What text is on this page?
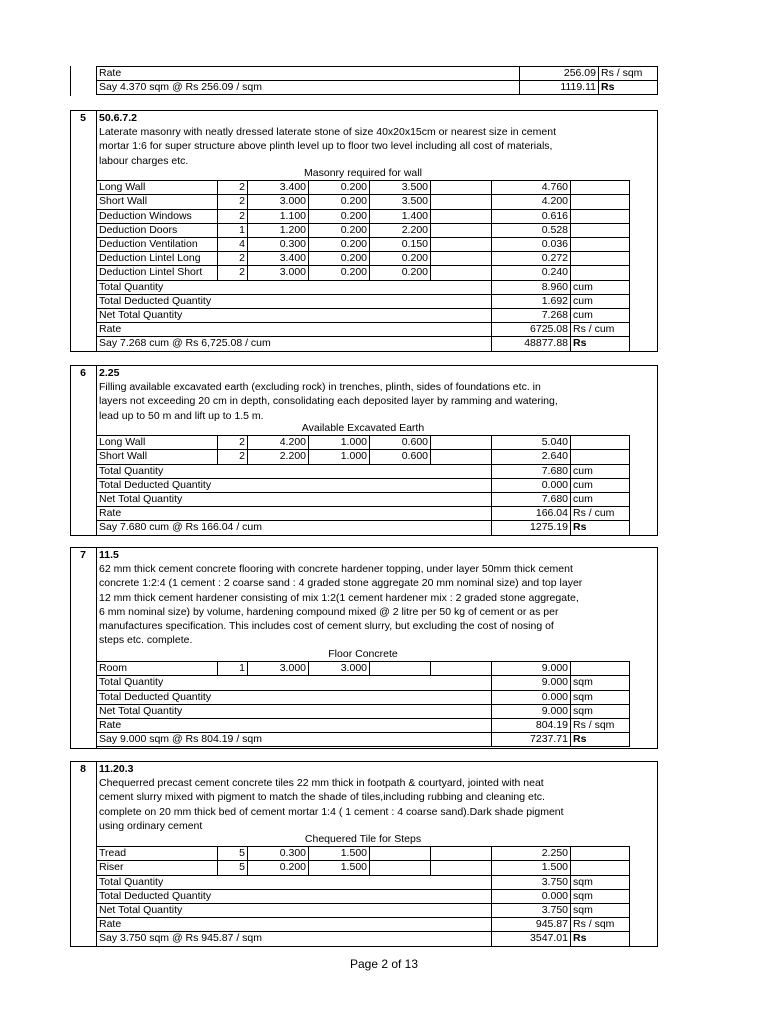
Rate	256.09	Rs / sqm
Say 4.370 sqm @ Rs 256.09 / sqm	1119.11	Rs
5	50.6.7.2
Laterate masonry with neatly dressed laterate stone of size 40x20x15cm or nearest size in cement
mortar 1:6 for super structure above plinth level up to floor two level including all cost of materials,
labour charges etc.
Masonry required for wall							
Long Wall	2	3.400	0.200	3.500		4.760	
Short Wall	2	3.000	0.200	3.500		4.200	
Deduction Windows	2	1.100	0.200	1.400		0.616	
Deduction Doors	1	1.200	0.200	2.200		0.528	
Deduction Ventilation	4	0.300	0.200	0.150		0.036	
Deduction Lintel Long	2	3.400	0.200	0.200		0.272	
Deduction Lintel Short	2	3.000	0.200	0.200		0.240	
Total Quantity						8.960	cum
Total Deducted Quantity						1.692	cum
Net Total Quantity						7.268	cum
Rate						6725.08	Rs / cum
Say 7.268 cum @ Rs 6,725.08 / cum						48877.88	Rs
6	2.25
Filling available excavated earth (excluding rock) in trenches, plinth, sides of foundations etc. in
layers not exceeding 20 cm in depth, consolidating each deposited layer by ramming and watering,
lead up to 50 m and lift up to 1.5 m.
Available Excavated Earth							
Long Wall	2	4.200	1.000	0.600		5.040	
Short Wall	2	2.200	1.000	0.600		2.640	
Total Quantity						7.680	cum
Total Deducted Quantity						0.000	cum
Net Total Quantity						7.680	cum
Rate						166.04	Rs / cum
Say 7.680 cum @ Rs 166.04 / cum						1275.19	Rs
7	11.5
62 mm thick cement concrete flooring with concrete hardener topping, under layer 50mm thick cement
concrete 1:2:4 (1 cement : 2 coarse sand : 4 graded stone aggregate 20 mm nominal size) and top layer
12 mm thick cement hardener consisting of mix 1:2(1 cement hardener mix : 2 graded stone aggregate,
6 mm nominal size) by volume, hardening compound mixed @ 2 litre per 50 kg of cement or as per
manufactures specification. This includes cost of cement slurry, but excluding the cost of nosing of
steps etc. complete.
Floor Concrete							
Room	1	3.000	3.000			9.000	
Total Quantity						9.000	sqm
Total Deducted Quantity						0.000	sqm
Net Total Quantity						9.000	sqm
Rate						804.19	Rs / sqm
Say 9.000 sqm @ Rs 804.19 / sqm						7237.71	Rs
8	11.20.3
Chequerred precast cement concrete tiles 22 mm thick in footpath & courtyard, jointed with neat
cement slurry mixed with pigment to match the shade of tiles,including rubbing and cleaning etc.
complete on 20 mm thick bed of cement mortar 1:4 ( 1 cement : 4 coarse sand).Dark shade pigment
using ordinary cement
Chequered Tile for Steps							
Tread	5	0.300	1.500			2.250	
Riser	5	0.200	1.500			1.500	
Total Quantity						3.750	sqm
Total Deducted Quantity						0.000	sqm
Net Total Quantity						3.750	sqm
Rate						945.87	Rs / sqm
Say 3.750 sqm @ Rs 945.87 / sqm						3547.01	Rs
Page 2 of 13
